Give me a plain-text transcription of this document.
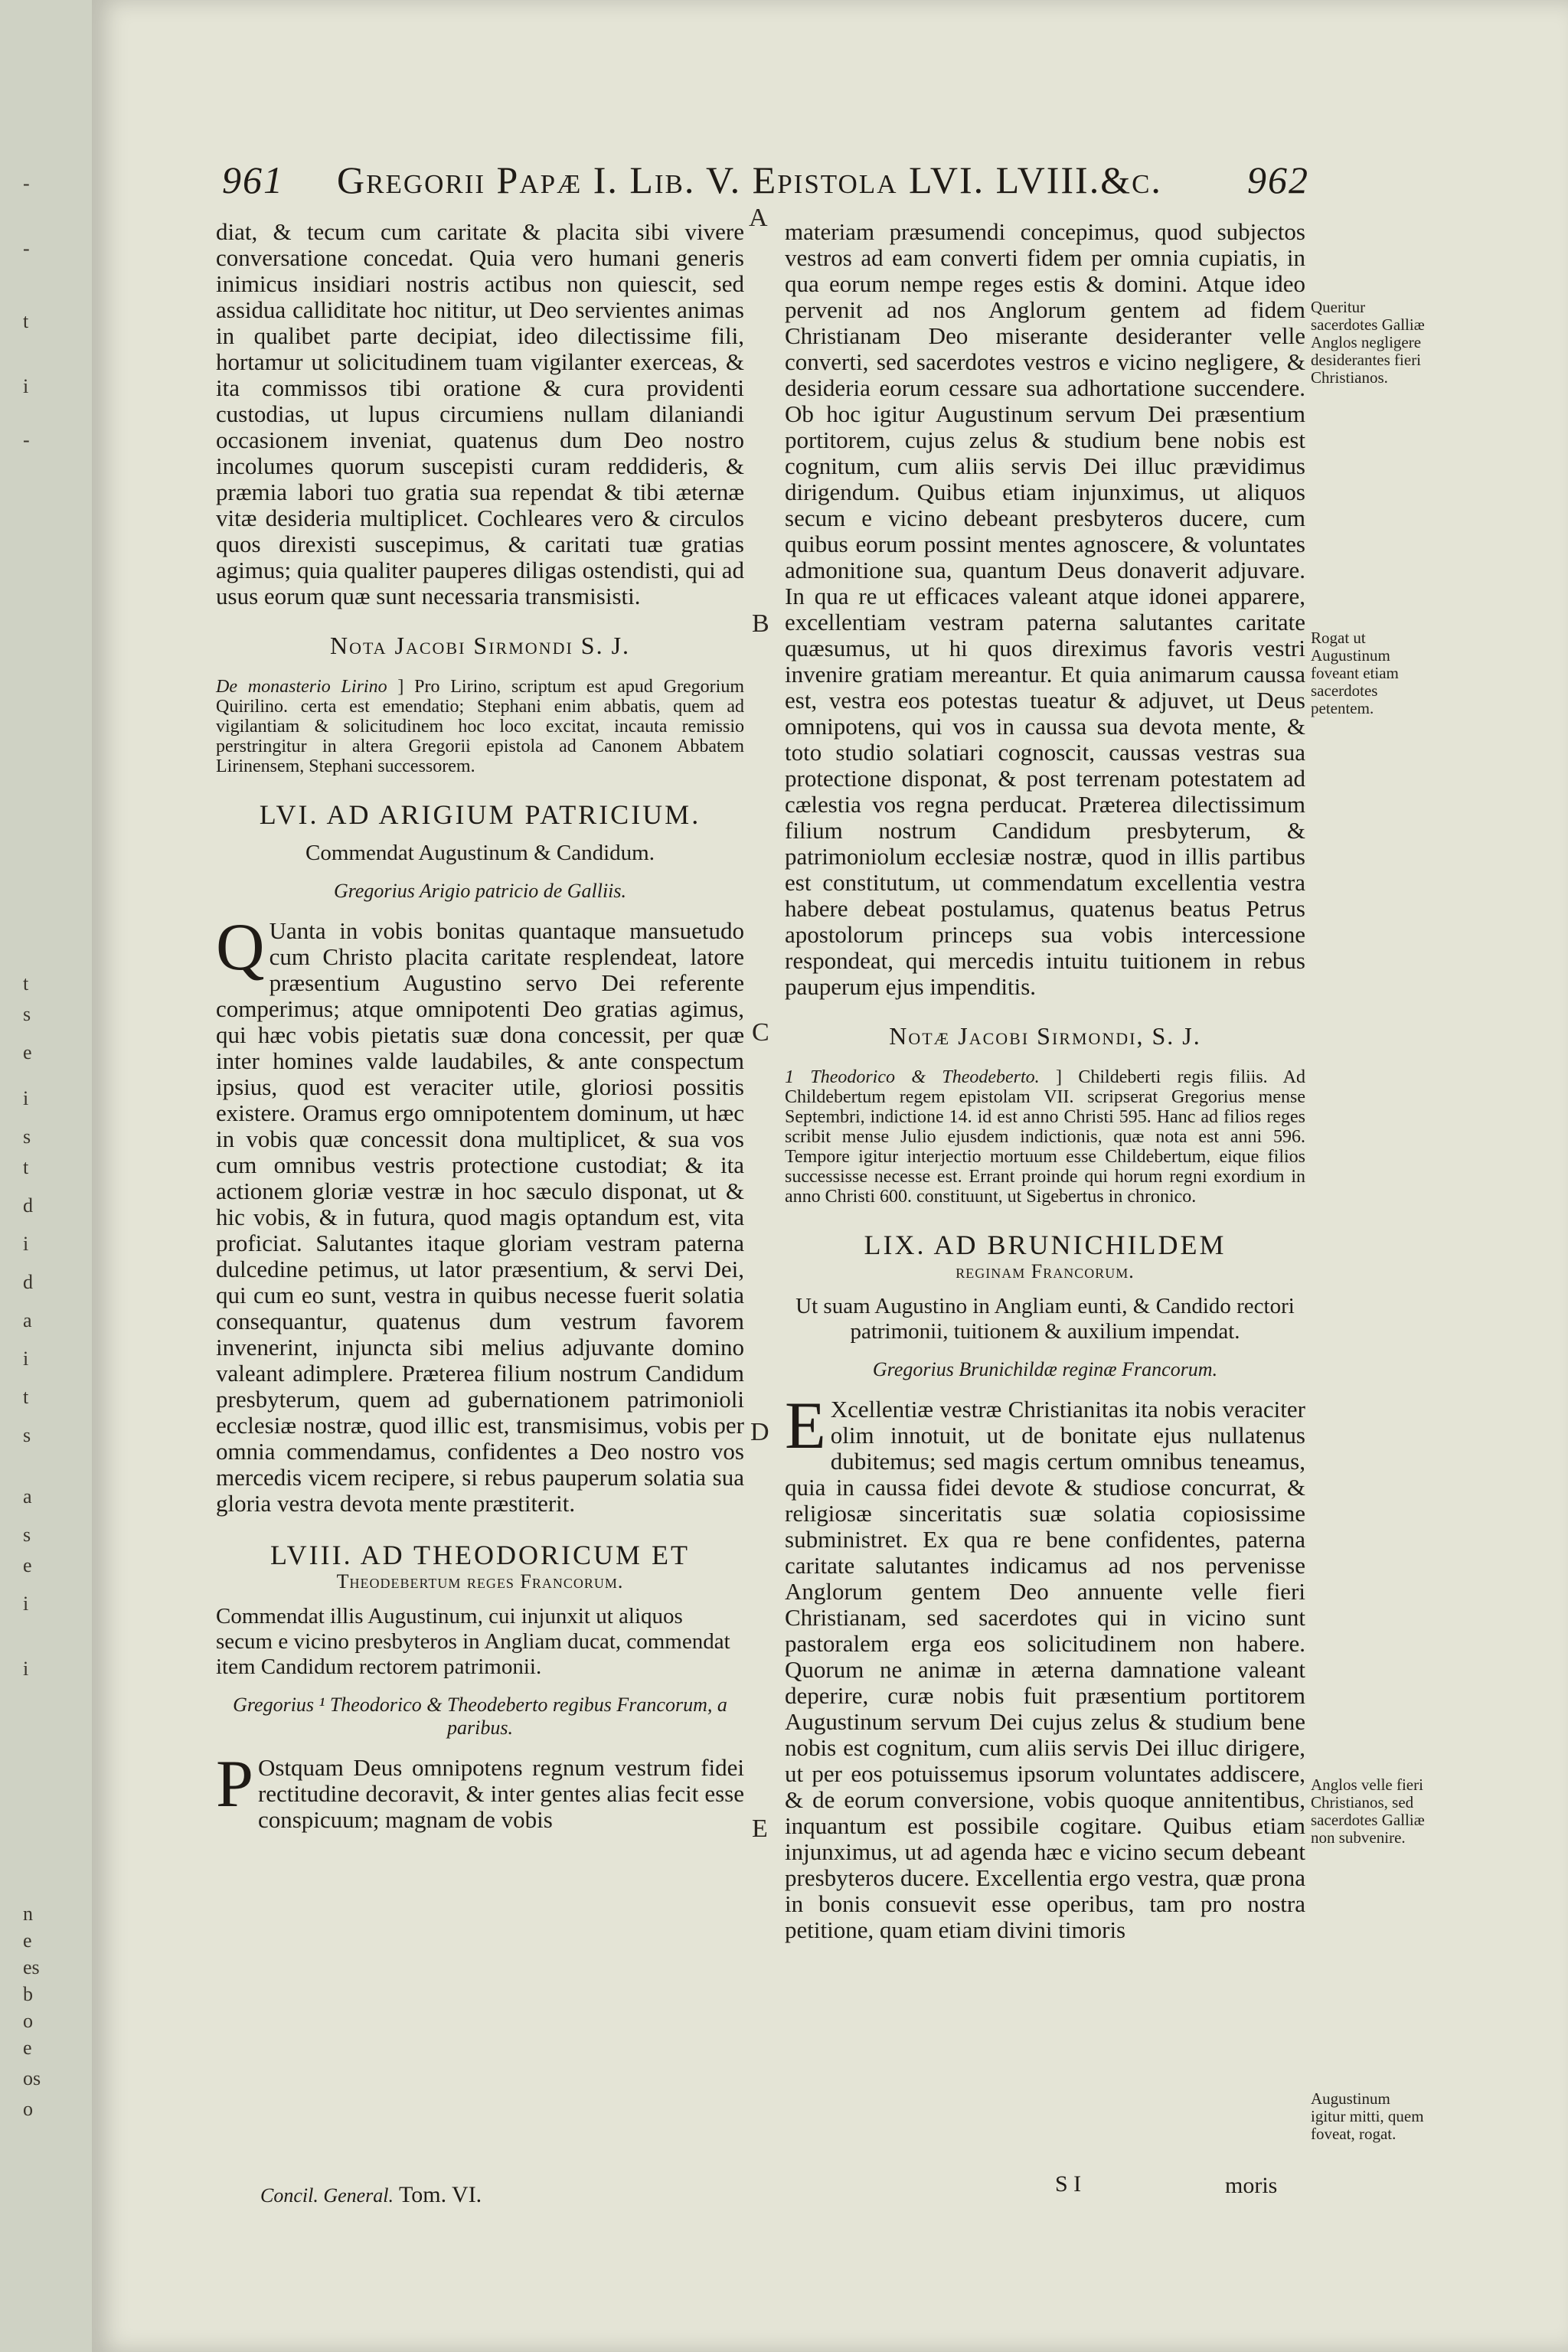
-
-
t
i
-
t
s
e
i
s
t
d
i
d
a
i
t
s
a
s
e
i
i
n
e
es
b
o
e
os
o
961 Gregorii Papæ I. Lib. V. Epistola LVI. LVIII.&c. 962
A
B
C
D
E

diat, & tecum cum caritate & placita sibi vivere conversatione concedat. Quia vero humani generis inimicus insidiari nostris actibus non quiescit, sed assidua calliditate hoc nititur, ut Deo servientes animas in qualibet parte decipiat, ideo dilectissime fili, hortamur ut solicitudinem tuam vigilanter exerceas, & ita commissos tibi oratione & cura providenti custodias, ut lupus circumiens nullam dilaniandi occasionem inveniat, quatenus dum Deo nostro incolumes quorum suscepisti curam reddideris, & præmia labori tuo gratia sua rependat & tibi æternæ vitæ desideria multiplicet. Cochleares vero & circulos quos direxisti suscepimus, & caritati tuæ gratias agimus; quia qualiter pauperes diligas ostendisti, qui ad usus eorum quæ sunt necessaria transmisisti.

Nota Jacobi Sirmondi S. J.

De monasterio Lirino ] Pro Lirino, scriptum est apud Gregorium Quirilino. certa est emendatio; Stephani enim abbatis, quem ad vigilantiam & solicitudinem hoc loco excitat, incauta remissio perstringitur in altera Gregorii epistola ad Canonem Abbatem Lirinensem, Stephani successorem.

LVI. AD ARIGIUM PATRICIUM.
Commendat Augustinum & Candidum.
Gregorius Arigio patricio de Galliis.

Q Uanta in vobis bonitas quantaque mansuetudo cum Christo placita caritate resplendeat, latore præsentium Augustino servo Dei referente comperimus; atque omnipotenti Deo gratias agimus, qui hæc vobis pietatis suæ dona concessit, per quæ inter homines valde laudabiles, & ante conspectum ipsius, quod est veraciter utile, gloriosi possitis existere. Oramus ergo omnipotentem dominum, ut hæc in vobis quæ concessit dona multiplicet, & sua vos cum omnibus vestris protectione custodiat; & ita actionem gloriæ vestræ in hoc sæculo disponat, ut & hic vobis, & in futura, quod magis optandum est, vita proficiat. Salutantes itaque gloriam vestram paterna dulcedine petimus, ut lator præsentium, & servi Dei, qui cum eo sunt, vestra in quibus necesse fuerit solatia consequantur, quatenus dum vestrum favorem invenerint, injuncta sibi melius adjuvante domino valeant adimplere. Præterea filium nostrum Candidum presbyterum, quem ad gubernationem patrimonioli ecclesiæ nostræ, quod illic est, transmisimus, vobis per omnia commendamus, confidentes a Deo nostro vos mercedis vicem recipere, si rebus pauperum solatia sua gloria vestra devota mente præstiterit.

LVIII. AD THEODORICUM ET
Theodebertum reges Francorum.
Commendat illis Augustinum, cui injunxit ut aliquos secum e vicino presbyteros in Angliam ducat, commendat item Candidum rectorem patrimonii.
Gregorius ¹ Theodorico & Theodeberto regibus Francorum, a paribus.

P Ostquam Deus omnipotens regnum vestrum fidei rectitudine decoravit, & inter gentes alias fecit esse conspicuum; magnam de vobis

materiam præsumendi concepimus, quod subjectos vestros ad eam converti fidem per omnia cupiatis, in qua eorum nempe reges estis & domini. Atque ideo pervenit ad nos Anglorum gentem ad fidem Christianam Deo miserante desideranter velle converti, sed sacerdotes vestros e vicino negligere, & desideria eorum cessare sua adhortatione succendere. Ob hoc igitur Augustinum servum Dei præsentium portitorem, cujus zelus & studium bene nobis est cognitum, cum aliis servis Dei illuc prævidimus dirigendum. Quibus etiam injunximus, ut aliquos secum e vicino debeant presbyteros ducere, cum quibus eorum possint mentes agnoscere, & voluntates admonitione sua, quantum Deus donaverit adjuvare. In qua re ut efficaces valeant atque idonei apparere, excellentiam vestram paterna salutantes caritate quæsumus, ut hi quos direximus favoris vestri invenire gratiam mereantur. Et quia animarum caussa est, vestra eos potestas tueatur & adjuvet, ut Deus omnipotens, qui vos in caussa sua devota mente, & toto studio solatiari cognoscit, caussas vestras sua protectione disponat, & post terrenam potestatem ad cælestia vos regna perducat. Præterea dilectissimum filium nostrum Candidum presbyterum, & patrimoniolum ecclesiæ nostræ, quod in illis partibus est constitutum, ut commendatum excellentia vestra habere debeat postulamus, quatenus beatus Petrus apostolorum princeps sua vobis intercessione respondeat, qui mercedis intuitu tuitionem in rebus pauperum ejus impenditis.

Notæ Jacobi Sirmondi, S. J.

1 Theodorico & Theodeberto. ] Childeberti regis filiis. Ad Childebertum regem epistolam VII. scripserat Gregorius mense Septembri, indictione 14. id est anno Christi 595. Hanc ad filios reges scribit mense Julio ejusdem indictionis, quæ nota est anni 596. Tempore igitur interjectio mortuum esse Childebertum, eique filios successisse necesse est. Errant proinde qui horum regni exordium in anno Christi 600. constituunt, ut Sigebertus in chronico.

LIX. AD BRUNICHILDEM
reginam Francorum.
Ut suam Augustino in Angliam eunti, & Candido rectori patrimonii, tuitionem & auxilium impendat.
Gregorius Brunichildæ reginæ Francorum.

E Xcellentiæ vestræ Christianitas ita nobis veraciter olim innotuit, ut de bonitate ejus nullatenus dubitemus; sed magis certum omnibus teneamus, quia in caussa fidei devote & studiose concurrat, & religiosæ sinceritatis suæ solatia copiosissime subministret. Ex qua re bene confidentes, paterna caritate salutantes indicamus ad nos pervenisse Anglorum gentem Deo annuente velle fieri Christianam, sed sacerdotes qui in vicino sunt pastoralem erga eos solicitudinem non habere. Quorum ne animæ in æterna damnatione valeant deperire, curæ nobis fuit præsentium portitorem Augustinum servum Dei cujus zelus & studium bene nobis est cognitum, cum aliis servis Dei illuc dirigere, ut per eos potuissemus ipsorum voluntates addiscere, & de eorum conversione, vobis quoque annitentibus, inquantum est possibile cogitare. Quibus etiam injunximus, ut ad agenda hæc e vicino secum debeant presbyteros ducere. Excellentia ergo vestra, quæ prona in bonis consuevit esse operibus, tam pro nostra petitione, quam etiam divini timoris

Queritur sacerdotes Galliæ Anglos negligere desiderantes fieri Christianos.
Rogat ut Augustinum foveant etiam sacerdotes petentem.
Anglos velle fieri Christianos, sed sacerdotes Galliæ non subvenire.
Augustinum igitur mitti, quem foveat, rogat.
Concil. General. Tom. VI.	S I	moris
